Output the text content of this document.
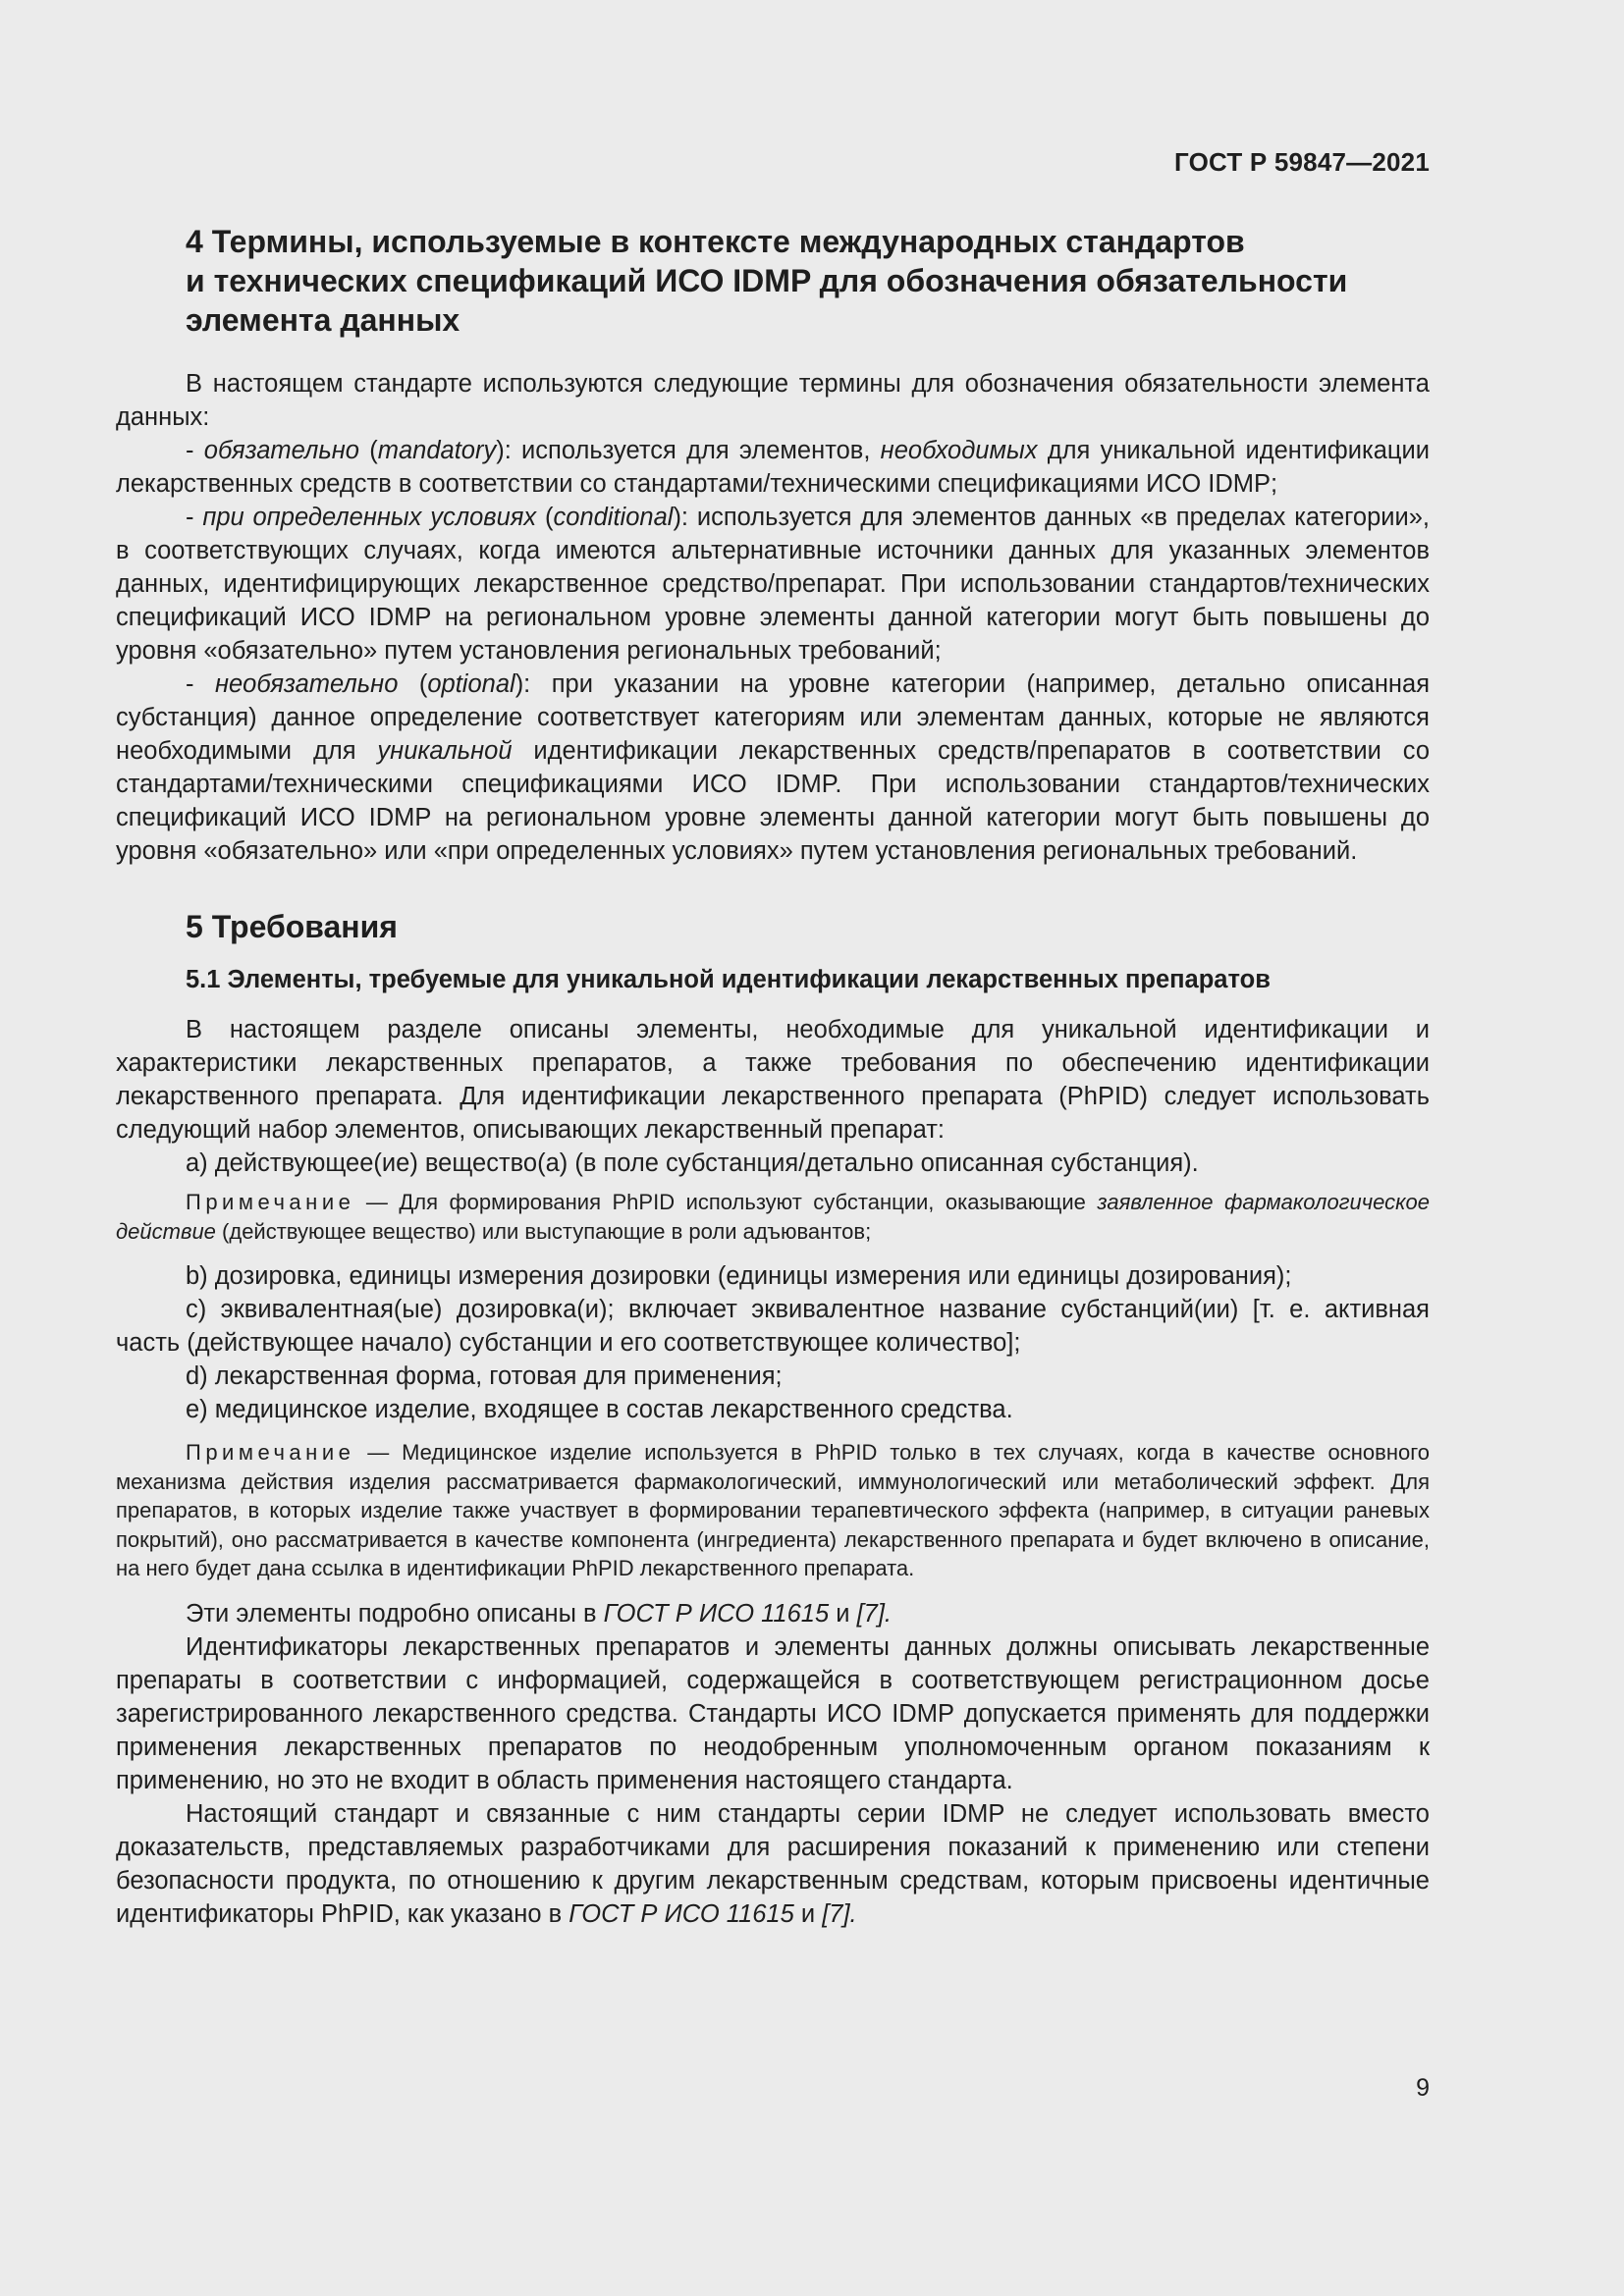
ГОСТ Р 59847—2021
4 Термины, используемые в контексте международных стандартов
и технических спецификаций ИСО IDMP для обозначения обязательности
элемента данных

В настоящем стандарте используются следующие термины для обозначения обязательности элемента данных:

- обязательно (mandatory): используется для элементов, необходимых для уникальной идентификации лекарственных средств в соответствии со стандартами/техническими спецификациями ИСО IDMP;

- при определенных условиях (conditional): используется для элементов данных «в пределах категории», в соответствующих случаях, когда имеются альтернативные источники данных для указанных элементов данных, идентифицирующих лекарственное средство/препарат. При использовании стандартов/технических спецификаций ИСО IDMP на региональном уровне элементы данной категории могут быть повышены до уровня «обязательно» путем установления региональных требований;

- необязательно (optional): при указании на уровне категории (например, детально описанная субстанция) данное определение соответствует категориям или элементам данных, которые не являются необходимыми для уникальной идентификации лекарственных средств/препаратов в соответствии со стандартами/техническими спецификациями ИСО IDMP. При использовании стандартов/технических спецификаций ИСО IDMP на региональном уровне элементы данной категории могут быть повышены до уровня «обязательно» или «при определенных условиях» путем установления региональных требований.

5 Требования
5.1 Элементы, требуемые для уникальной идентификации лекарственных препаратов

В настоящем разделе описаны элементы, необходимые для уникальной идентификации и характеристики лекарственных препаратов, а также требования по обеспечению идентификации лекарственного препарата. Для идентификации лекарственного препарата (PhPID) следует использовать следующий набор элементов, описывающих лекарственный препарат:

a) действующее(ие) вещество(а) (в поле субстанция/детально описанная субстанция).

Примечание — Для формирования PhPID используют субстанции, оказывающие заявленное фармакологическое действие (действующее вещество) или выступающие в роли адъювантов;

b) дозировка, единицы измерения дозировки (единицы измерения или единицы дозирования);

c) эквивалентная(ые) дозировка(и); включает эквивалентное название субстанций(ии) [т. е. активная часть (действующее начало) субстанции и его соответствующее количество];

d) лекарственная форма, готовая для применения;

e) медицинское изделие, входящее в состав лекарственного средства.

Примечание — Медицинское изделие используется в PhPID только в тех случаях, когда в качестве основного механизма действия изделия рассматривается фармакологический, иммунологический или метаболический эффект. Для препаратов, в которых изделие также участвует в формировании терапевтического эффекта (например, в ситуации раневых покрытий), оно рассматривается в качестве компонента (ингредиента) лекарственного препарата и будет включено в описание, на него будет дана ссылка в идентификации PhPID лекарственного препарата.

Эти элементы подробно описаны в ГОСТ Р ИСО 11615 и [7].

Идентификаторы лекарственных препаратов и элементы данных должны описывать лекарственные препараты в соответствии с информацией, содержащейся в соответствующем регистрационном досье зарегистрированного лекарственного средства. Стандарты ИСО IDMP допускается применять для поддержки применения лекарственных препаратов по неодобренным уполномоченным органом показаниям к применению, но это не входит в область применения настоящего стандарта.

Настоящий стандарт и связанные с ним стандарты серии IDMP не следует использовать вместо доказательств, представляемых разработчиками для расширения показаний к применению или степени безопасности продукта, по отношению к другим лекарственным средствам, которым присвоены идентичные идентификаторы PhPID, как указано в ГОСТ Р ИСО 11615 и [7].

9
